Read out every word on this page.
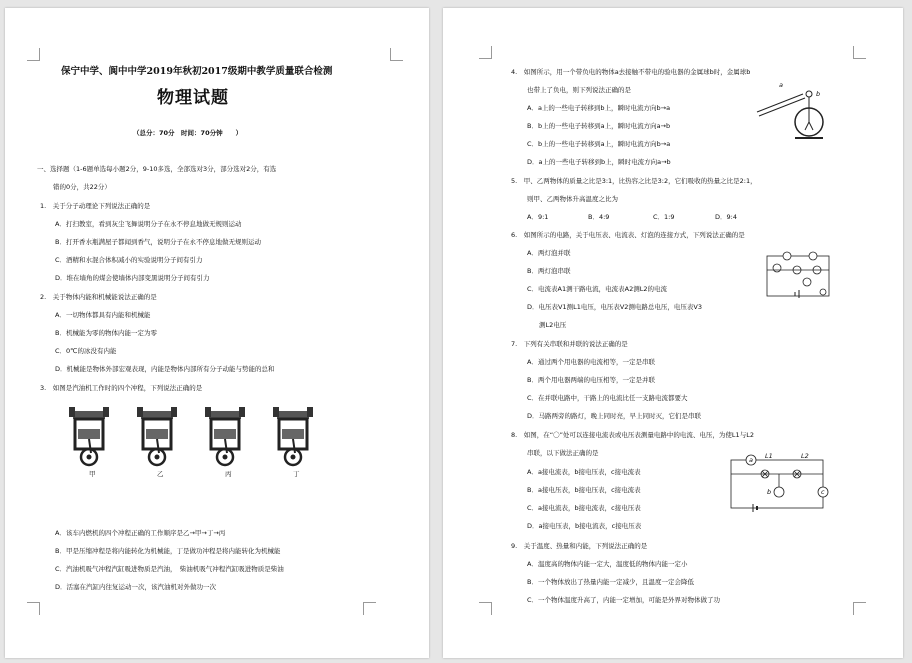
保宁中学、阆中中学2019年秋初2017级期中教学质量联合检测
物理试题
（总分：70分　时间：70分钟　　）
一、选择题（1-6题单选每小题2分，9-10多选，全部选对3分，部分选对2分，有选
错的0分，共22分）
1.　关于分子动理论下列说法正确的是
A．打扫教室，看到灰尘飞舞说明分子在永不停息地做无规则运动
B．打开香水瓶满屋子都闻到香气，说明分子在永不停息地做无规则运动
C．酒精和水混合体积减小的实验说明分子间有引力
D．堆在墙角的煤会使墙体内部变黑说明分子间有引力
2.　关于物体内能和机械能说法正确的是
A．一切物体都具有内能和机械能
B．机械能为零的物体内能一定为零
C．0℃的冰没有内能
D．机械能是物体外部宏观表现，内能是物体内部所有分子动能与势能的总和
3.　如图是汽油机工作时的四个冲程，下列说法正确的是
甲	乙	丙	丁
A．该车内燃机的四个冲程正确的工作顺序是乙→甲→丁→丙
B．甲是压缩冲程是将内能转化为机械能，丁是做功冲程是将内能转化为机械能
C．汽油机吸气冲程汽缸吸进物质是汽油，　柴油机吸气冲程汽缸吸进物质是柴油
D．活塞在汽缸内往复运动一次，该汽油机对外做功一次
4.　如图所示，用一个带负电的物体a去接触不带电的验电器的金属球b时，金属球b
也带上了负电，则下列说法正确的是
A．a上的一些电子转移到b上，瞬时电流方向b→a
B．b上的一些电子转移到a上，瞬时电流方向a→b
C．b上的一些电子转移到a上，瞬时电流方向b→a
D．a上的一些电子转移到b上，瞬时电流方向a→b
a
b
5.　甲、乙两物体的质量之比是3:1，比热容之比是3:2，它们吸收的热量之比是2:1，
则甲、乙两物体升高温度之比为
A．9:1	B．4:9	C．1:9	D．9:4
6.　如图所示的电路，关于电压表、电流表、灯泡的连接方式，下列说法正确的是
A．两灯泡并联
B．两灯泡串联
C．电流表A1测干路电流，电流表A2测L2的电流
D．电压表V1测L1电压，电压表V2测电路总电压，电压表V3
测L2电压
7.　下列有关串联和并联的说法正确的是
A．通过两个用电器的电流相等，一定是串联
B．两个用电器两端的电压相等，一定是并联
C．在并联电路中，干路上的电流比任一支路电流都要大
D．马路两旁的路灯，晚上同时亮，早上同时灭，它们是串联
8.　如图，在“〇”处可以连接电流表或电压表测量电路中的电流、电压，为使L1与L2
串联，以下做法正确的是
A．a接电流表，b接电压表，c接电流表
B．a接电压表，b接电压表，c接电流表
C．a接电流表，b接电流表，c接电压表
D．a接电压表，b接电流表，c接电压表
L1	L2
a
b	c
9.　关于温度、热量和内能，下列说法正确的是
A．温度高的物体内能一定大，温度低的物体内能一定小
B．一个物体放出了热量内能一定减少，且温度一定会降低
C．一个物体温度升高了，内能一定增加，可能是外界对物体做了功
